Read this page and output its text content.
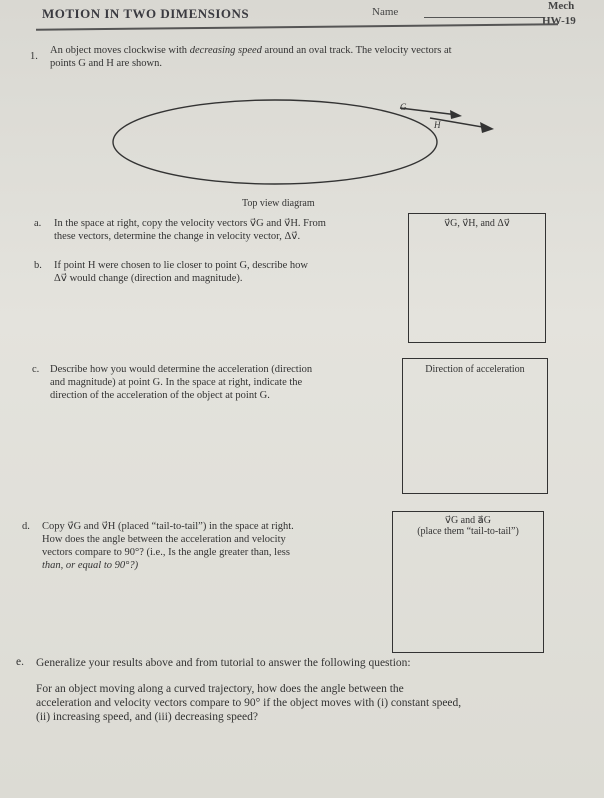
MOTION IN TWO DIMENSIONS	Name	Mech
HW-19
1.
An object moves clockwise with decreasing speed around an oval track. The velocity vectors at
points G and H are shown.
G
H
Top view diagram
a. In the space at right, copy the velocity vectors v⃗G and v⃗H. From
these vectors, determine the change in velocity vector, Δv⃗.
v⃗G, v⃗H, and Δv⃗
b. If point H were chosen to lie closer to point G, describe how
Δv⃗ would change (direction and magnitude).
c. Describe how you would determine the acceleration (direction
and magnitude) at point G. In the space at right, indicate the
direction of the acceleration of the object at point G.
Direction of acceleration
d. Copy v⃗G and v⃗H (placed “tail-to-tail”) in the space at right.
How does the angle between the acceleration and velocity
vectors compare to 90°? (i.e., Is the angle greater than, less
than, or equal to 90°?)
v⃗G and a⃗G
(place them “tail-to-tail”)
e. Generalize your results above and from tutorial to answer the following question:
For an object moving along a curved trajectory, how does the angle between the
acceleration and velocity vectors compare to 90° if the object moves with (i) constant speed,
(ii) increasing speed, and (iii) decreasing speed?
